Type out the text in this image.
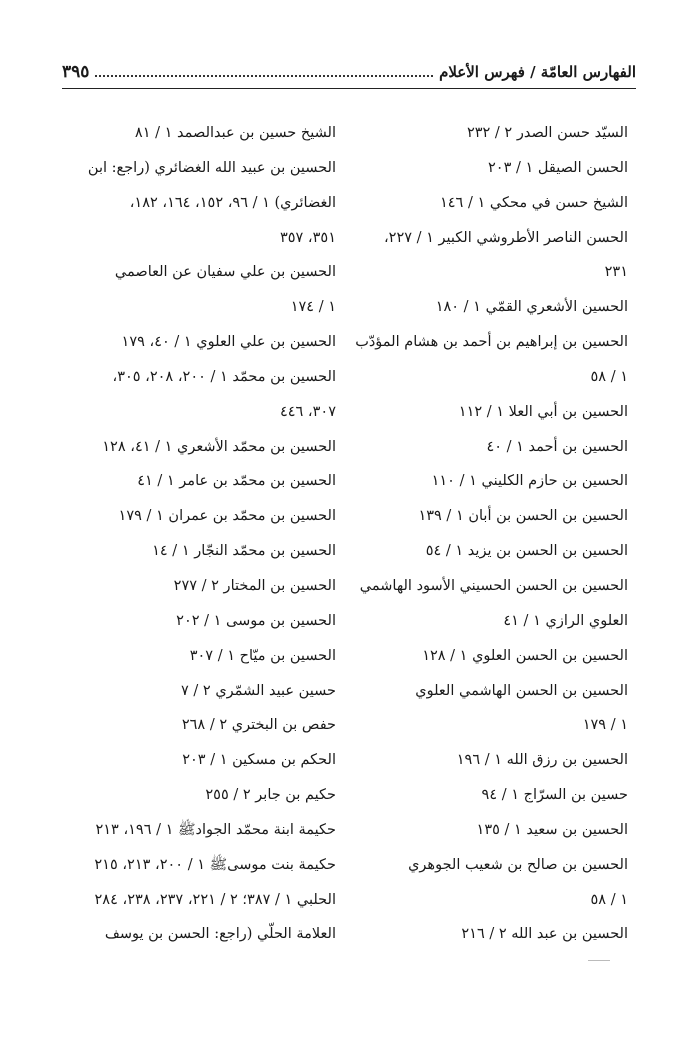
الفهارس العامّة / فهرس الأعلام
٣٩٥
السيّد حسن الصدر ٢ / ٢٣٢
الحسن الصيقل ١ / ٢٠٣
الشيخ حسن في محكي ١ / ١٤٦
الحسن الناصر الأطروشي الكبير ١ / ٢٢٧،
٢٣١
الحسين الأشعري القمّي ١ / ١٨٠
الحسين بن إبراهيم بن أحمد بن هشام المؤدّب
١ / ٥٨
الحسين بن أبي العلا ١ / ١١٢
الحسين بن أحمد ١ / ٤٠
الحسين بن حازم الكليني ١ / ١١٠
الحسين بن الحسن بن أبان ١ / ١٣٩
الحسين بن الحسن بن يزيد ١ / ٥٤
الحسين بن الحسن الحسيني الأسود الهاشمي
العلوي الرازي ١ / ٤١
الحسين بن الحسن العلوي ١ / ١٢٨
الحسين بن الحسن الهاشمي العلوي
١ / ١٧٩
الحسين بن رزق الله ١ / ١٩٦
حسين بن السرّاج ١ / ٩٤
الحسين بن سعيد ١ / ١٣٥
الحسين بن صالح بن شعيب الجوهري
١ / ٥٨
الحسين بن عبد الله ٢ / ٢١٦
الشيخ حسين بن عبدالصمد ١ / ٨١
الحسين بن عبيد الله الغضائري (راجع: ابن
الغضائري) ١ / ٩٦، ١٥٢، ١٦٤، ١٨٢،
٣٥١، ٣٥٧
الحسين بن علي سفيان عن العاصمي
١ / ١٧٤
الحسين بن علي العلوي ١ / ٤٠، ١٧٩
الحسين بن محمّد ١ / ٢٠٠، ٢٠٨، ٣٠٥،
٣٠٧، ٤٤٦
الحسين بن محمّد الأشعري ١ / ٤١، ١٢٨
الحسين بن محمّد بن عامر ١ / ٤١
الحسين بن محمّد بن عمران ١ / ١٧٩
الحسين بن محمّد النجّار ١ / ١٤
الحسين بن المختار ٢ / ٢٧٧
الحسين بن موسى ١ / ٢٠٢
الحسين بن ميّاح ١ / ٣٠٧
حسين عبيد الشمّري ٢ / ٧
حفص بن البختري ٢ / ٢٦٨
الحكم بن مسكين ١ / ٢٠٣
حكيم بن جابر ٢ / ٢٥٥
حكيمة ابنة محمّد الجوادﷺ ١ / ١٩٦، ٢١٣
حكيمة بنت موسىﷺ ١ / ٢٠٠، ٢١٣، ٢١٥
الحلبي ١ / ٣٨٧؛ ٢ / ٢٢١، ٢٣٧، ٢٣٨، ٢٨٤
العلامة الحلّي (راجع: الحسن بن يوسف
